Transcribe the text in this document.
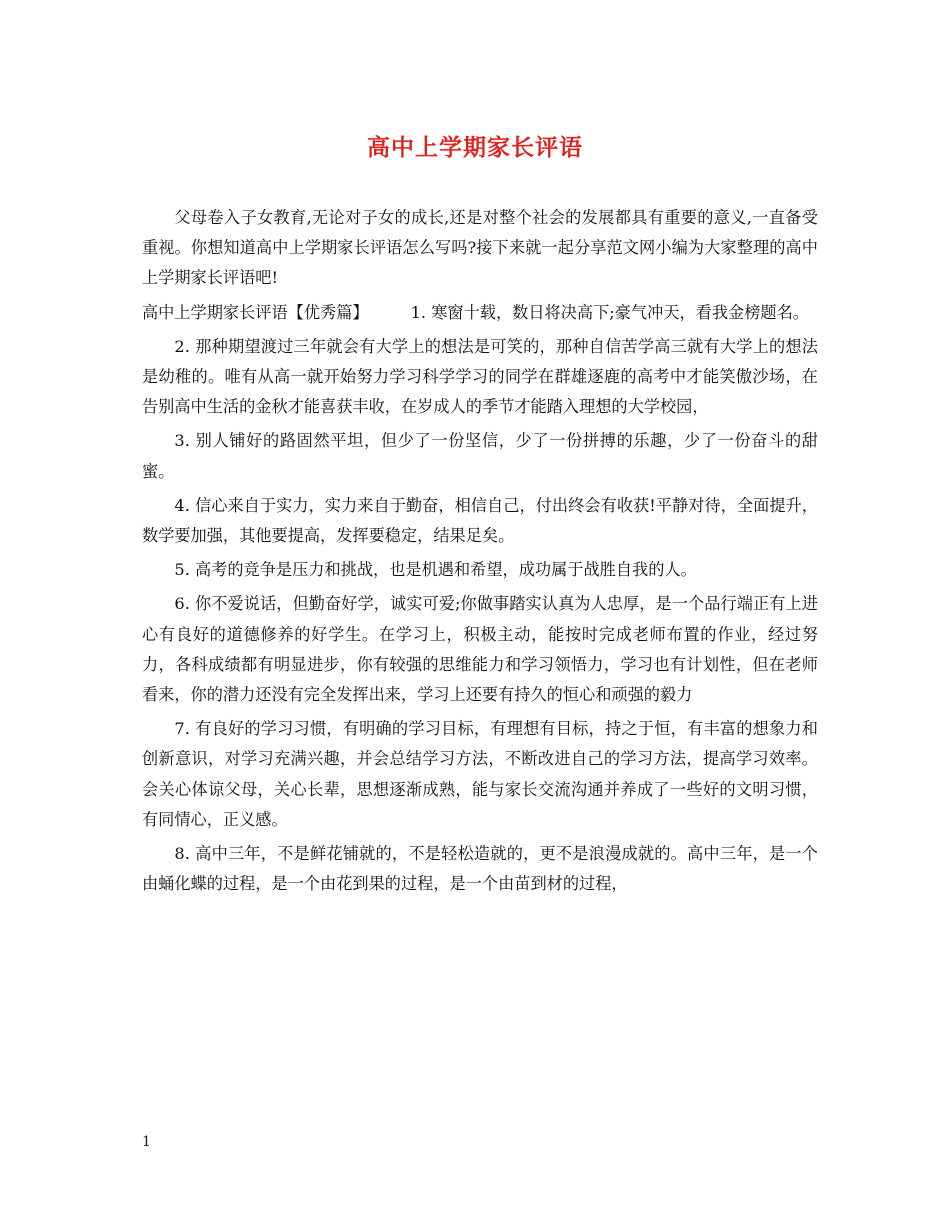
高中上学期家长评语

父母卷入子女教育,无论对子女的成长,还是对整个社会的发展都具有重要的意义,一直备受重视。你想知道高中上学期家长评语怎么写吗?接下来就一起分享范文网小编为大家整理的高中上学期家长评语吧!

高中上学期家长评语【优秀篇】	1. 寒窗十载，数日将决高下;豪气冲天，看我金榜题名。

2. 那种期望渡过三年就会有大学上的想法是可笑的，那种自信苦学高三就有大学上的想法是幼稚的。唯有从高一就开始努力学习科学学习的同学在群雄逐鹿的高考中才能笑傲沙场，在告别高中生活的金秋才能喜获丰收，在岁成人的季节才能踏入理想的大学校园，

3. 别人铺好的路固然平坦，但少了一份坚信，少了一份拼搏的乐趣，少了一份奋斗的甜蜜。

4. 信心来自于实力，实力来自于勤奋，相信自己，付出终会有收获!平静对待，全面提升，数学要加强，其他要提高，发挥要稳定，结果足矣。

5. 高考的竞争是压力和挑战，也是机遇和希望，成功属于战胜自我的人。

6. 你不爱说话，但勤奋好学，诚实可爱;你做事踏实认真为人忠厚，是一个品行端正有上进心有良好的道德修养的好学生。在学习上，积极主动，能按时完成老师布置的作业，经过努力，各科成绩都有明显进步，你有较强的思维能力和学习领悟力，学习也有计划性，但在老师看来，你的潜力还没有完全发挥出来，学习上还要有持久的恒心和顽强的毅力

7. 有良好的学习习惯，有明确的学习目标，有理想有目标，持之于恒，有丰富的想象力和创新意识，对学习充满兴趣，并会总结学习方法，不断改进自己的学习方法，提高学习效率。会关心体谅父母，关心长辈，思想逐渐成熟，能与家长交流沟通并养成了一些好的文明习惯，有同情心，正义感。

8. 高中三年，不是鲜花铺就的，不是轻松造就的，更不是浪漫成就的。高中三年，是一个由蛹化蝶的过程，是一个由花到果的过程，是一个由苗到材的过程，

1
